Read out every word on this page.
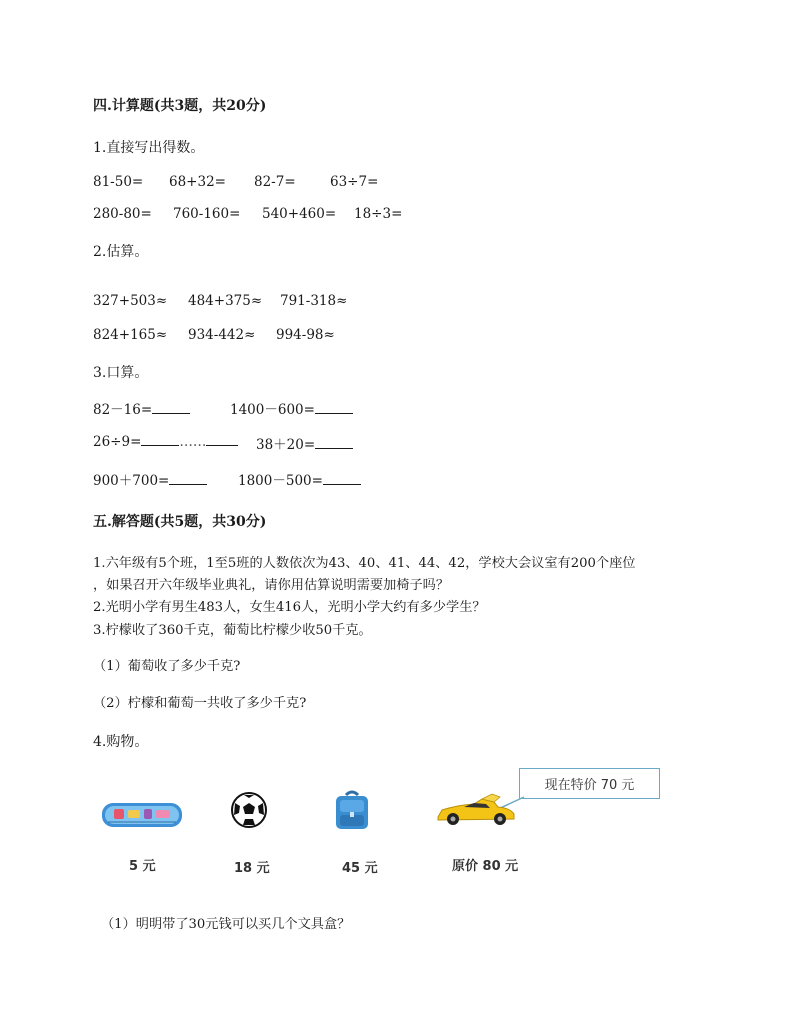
四.计算题(共3题，共20分)
1.直接写出得数。
81-50= 68+32= 82-7=	63÷7=
280-80= 760-160= 540+460= 18÷3=
2.估算。
327+503≈ 484+375≈ 791-318≈
824+165≈ 934-442≈ 994-98≈
3.口算。
82－16=	1400－600=
26÷9=	……	38＋20=
900＋700=	1800－500=
五.解答题(共5题，共30分)
1.六年级有5个班，1至5班的人数依次为43、40、41、44、42，学校大会议室有200个座位
，如果召开六年级毕业典礼，请你用估算说明需要加椅子吗？
2.光明小学有男生483人，女生416人，光明小学大约有多少学生？
3.柠檬收了360千克，葡萄比柠檬少收50千克。
（1）葡萄收了多少千克?
（2）柠檬和葡萄一共收了多少千克?
4.购物。
现在特价 70 元
5 元	18 元	45 元	原价 80 元
（1）明明带了30元钱可以买几个文具盒？
